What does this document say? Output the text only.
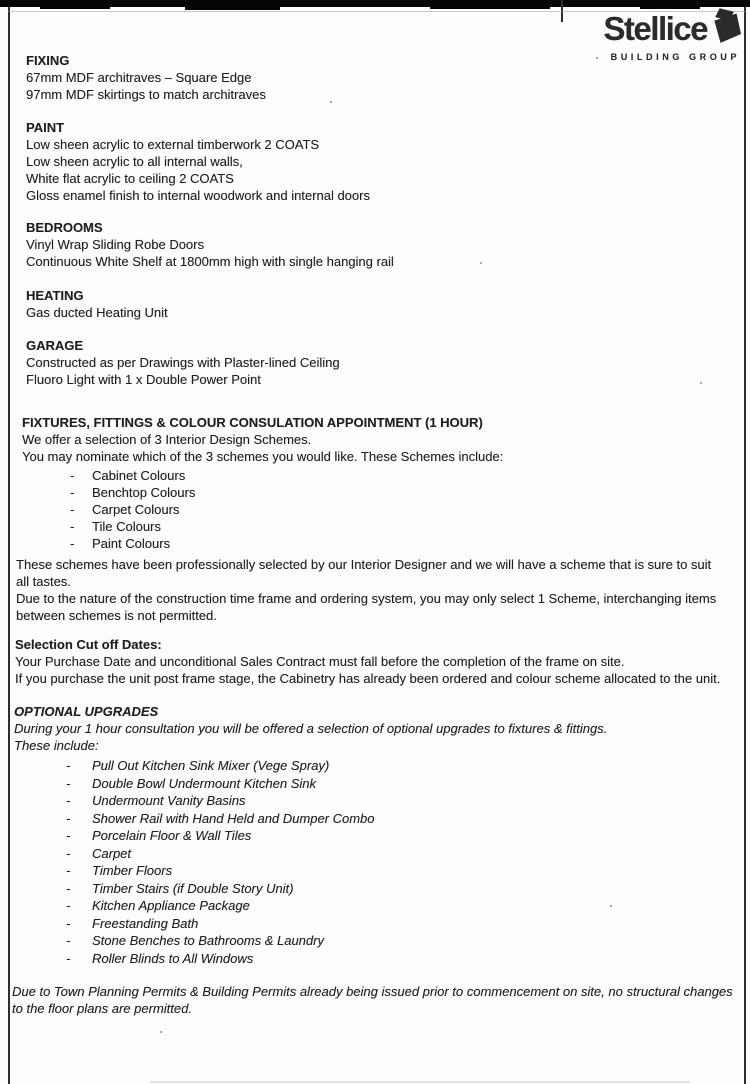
Stellice
BUILDING GROUP
FIXING
67mm MDF architraves – Square Edge
97mm MDF skirtings to match architraves
PAINT
Low sheen acrylic to external timberwork 2 COATS
Low sheen acrylic to all internal walls,
White flat acrylic to ceiling 2 COATS
Gloss enamel finish to internal woodwork and internal doors
BEDROOMS
Vinyl Wrap Sliding Robe Doors
Continuous White Shelf at 1800mm high with single hanging rail
HEATING
Gas ducted Heating Unit
GARAGE
Constructed as per Drawings with Plaster-lined Ceiling
Fluoro Light with 1 x Double Power Point
FIXTURES, FITTINGS & COLOUR CONSULATION APPOINTMENT (1 HOUR)
We offer a selection of 3 Interior Design Schemes.
You may nominate which of the 3 schemes you would like. These Schemes include:
- Cabinet Colours
- Benchtop Colours
- Carpet Colours
- Tile Colours
- Paint Colours

These schemes have been professionally selected by our Interior Designer and we will have a scheme that is sure to suit all tastes.

Due to the nature of the construction time frame and ordering system, you may only select 1 Scheme, interchanging items between schemes is not permitted.

Selection Cut off Dates:
Your Purchase Date and unconditional Sales Contract must fall before the completion of the frame on site.
If you purchase the unit post frame stage, the Cabinetry has already been ordered and colour scheme allocated to the unit.
OPTIONAL UPGRADES
During your 1 hour consultation you will be offered a selection of optional upgrades to fixtures & fittings.
These include:
- Pull Out Kitchen Sink Mixer (Vege Spray)
- Double Bowl Undermount Kitchen Sink
- Undermount Vanity Basins
- Shower Rail with Hand Held and Dumper Combo
- Porcelain Floor & Wall Tiles
- Carpet
- Timber Floors
- Timber Stairs (if Double Story Unit)
- Kitchen Appliance Package
- Freestanding Bath
- Stone Benches to Bathrooms & Laundry
- Roller Blinds to All Windows

Due to Town Planning Permits & Building Permits already being issued prior to commencement on site, no structural changes to the floor plans are permitted.
